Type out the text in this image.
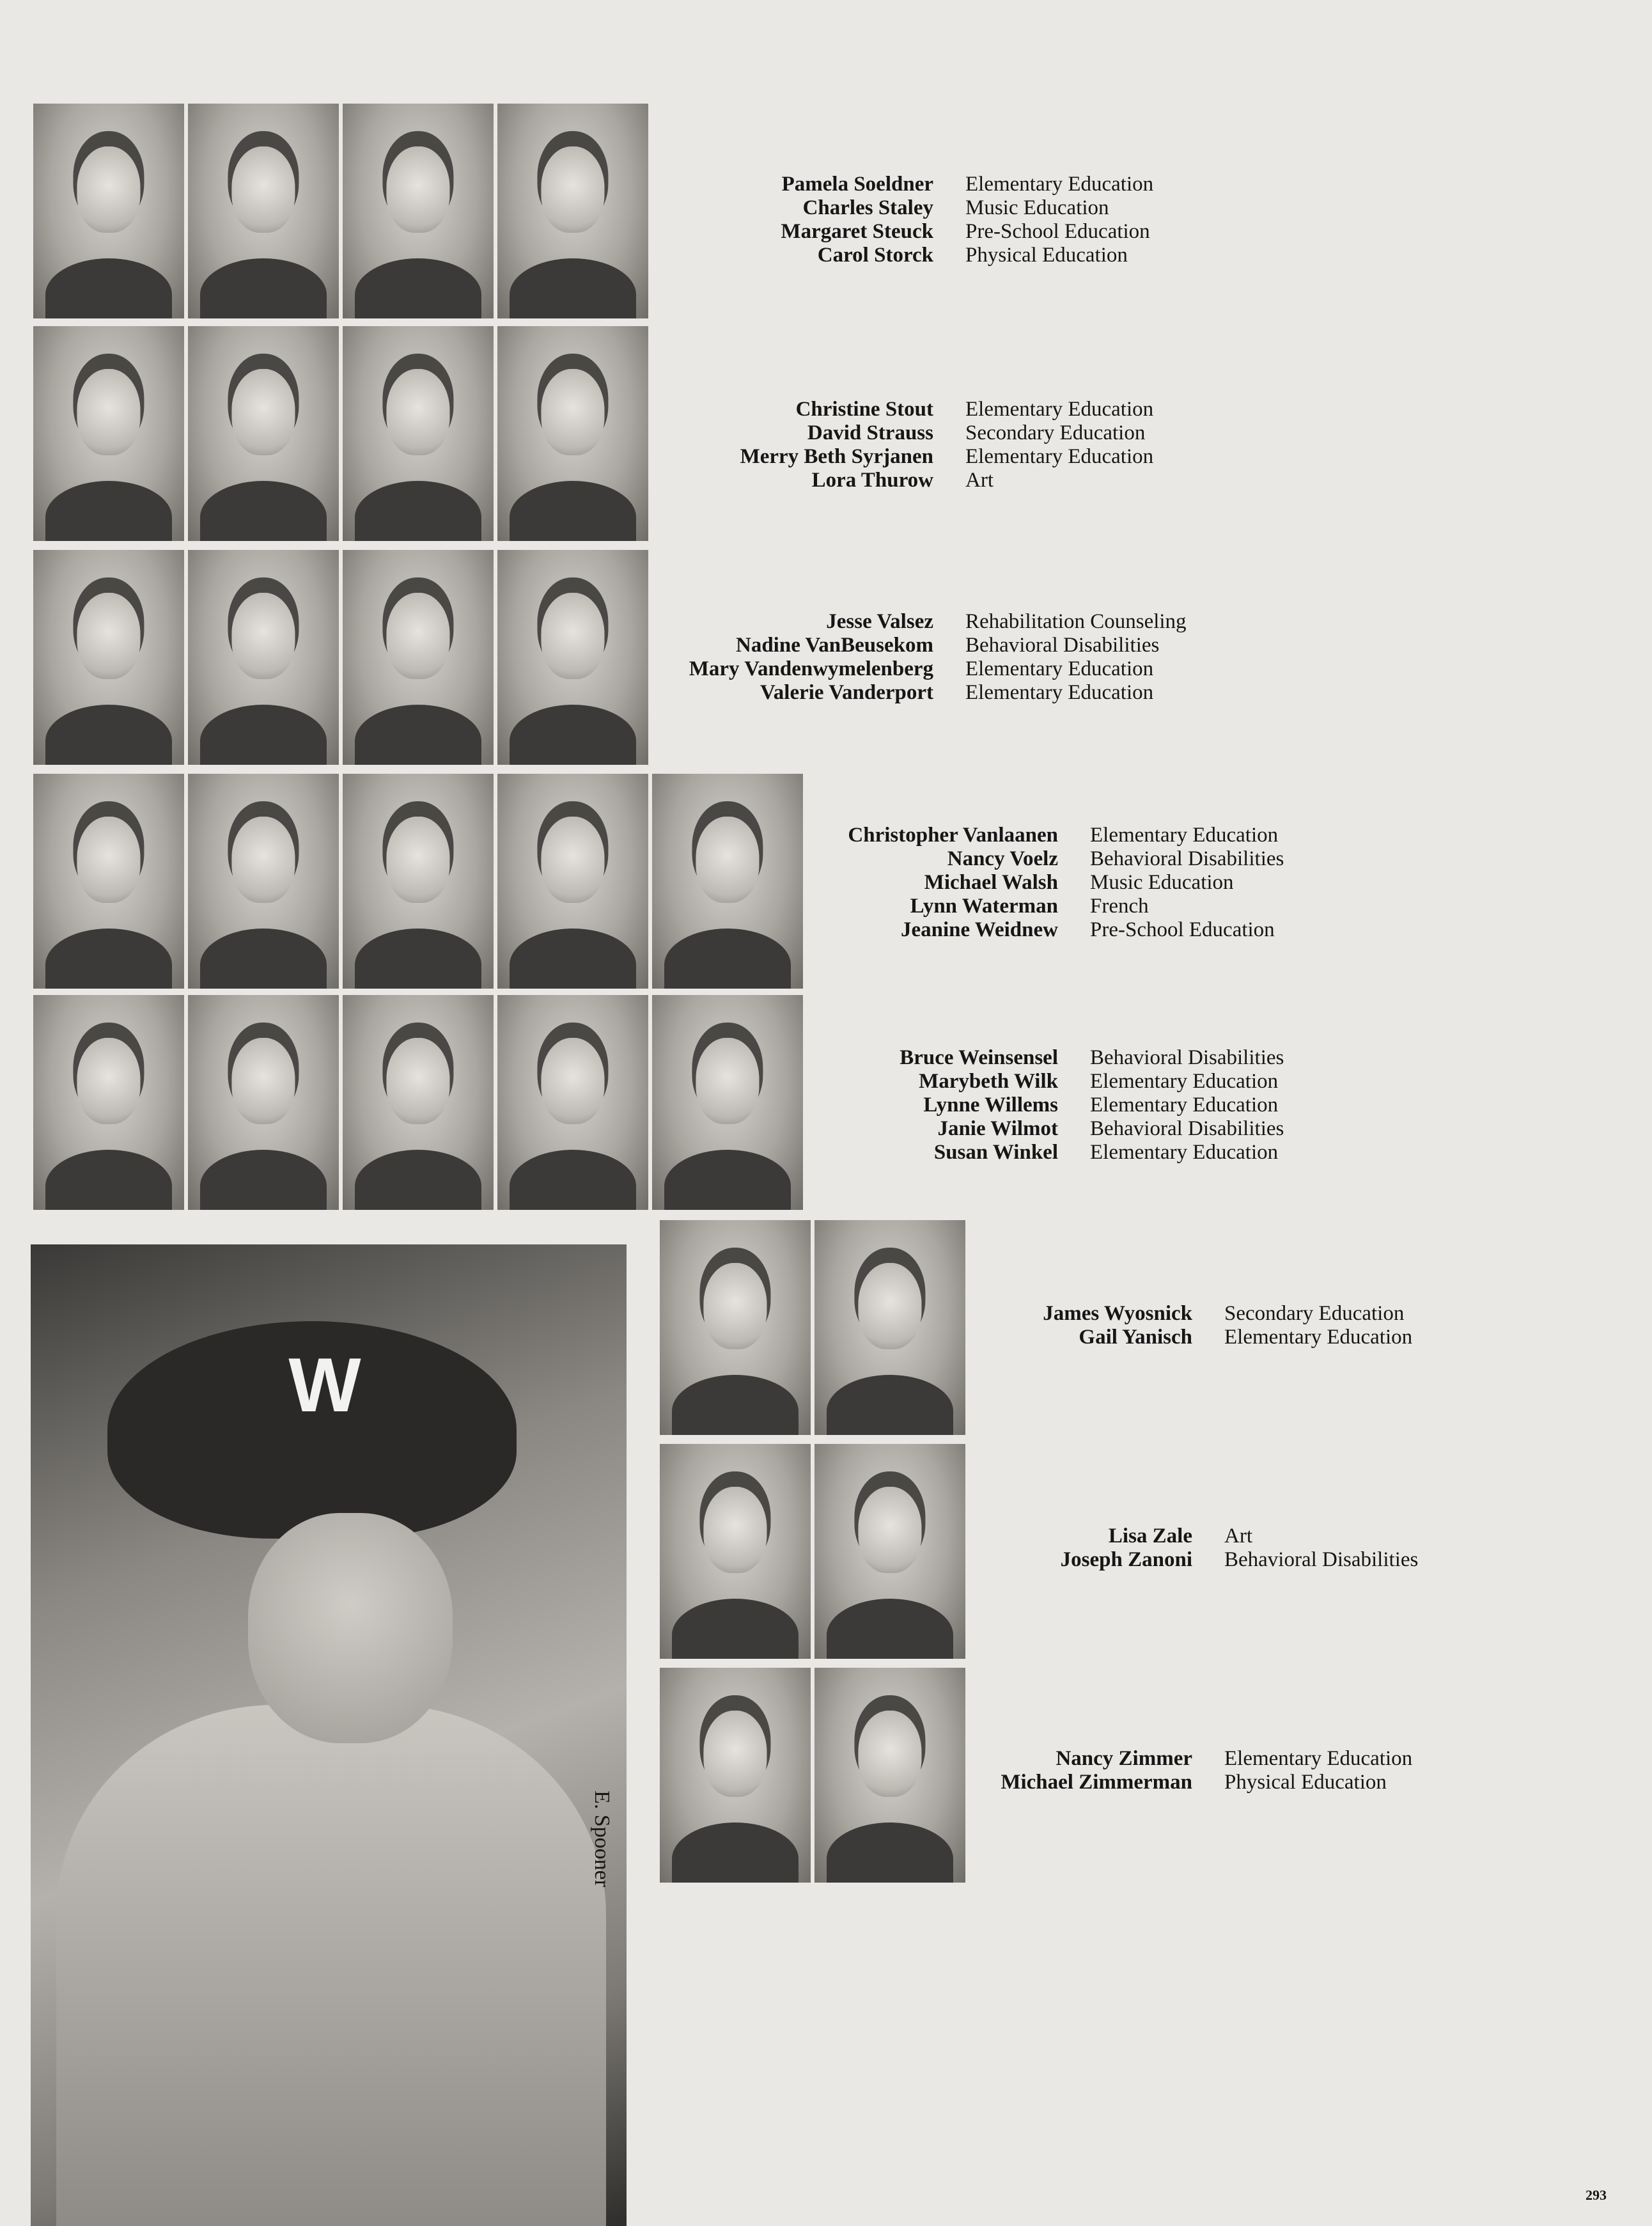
Pamela Soeldner	Elementary Education
Charles Staley	Music Education
Margaret Steuck	Pre-School Education
Carol Storck	Physical Education
Christine Stout	Elementary Education
David Strauss	Secondary Education
Merry Beth Syrjanen	Elementary Education
Lora Thurow	Art
Jesse Valsez	Rehabilitation Counseling
Nadine VanBeusekom	Behavioral Disabilities
Mary Vandenwymelenberg	Elementary Education
Valerie Vanderport	Elementary Education
Christopher Vanlaanen	Elementary Education
Nancy Voelz	Behavioral Disabilities
Michael Walsh	Music Education
Lynn Waterman	French
Jeanine Weidnew	Pre-School Education
Bruce Weinsensel	Behavioral Disabilities
Marybeth Wilk	Elementary Education
Lynne Willems	Elementary Education
Janie Wilmot	Behavioral Disabilities
Susan Winkel	Elementary Education
James Wyosnick	Secondary Education
Gail Yanisch	Elementary Education
Lisa Zale	Art
Joseph Zanoni	Behavioral Disabilities
Nancy Zimmer	Elementary Education
Michael Zimmerman	Physical Education
W
E. Spooner
293
